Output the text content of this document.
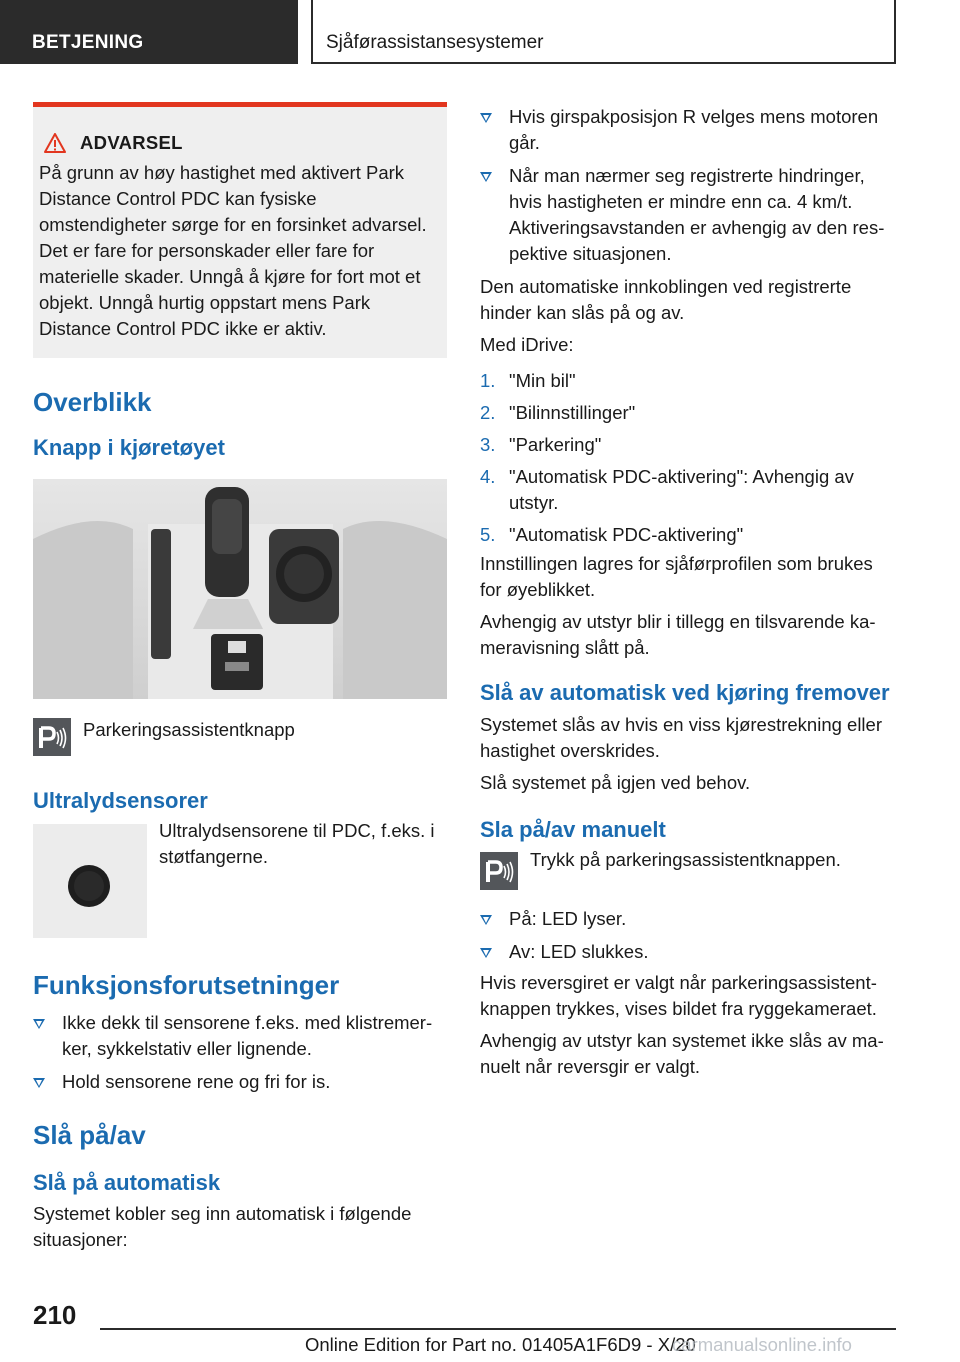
BETJENING	Sjåførassistansesystemer
ADVARSEL

På grunn av høy hastighet med aktivert Park Distance Control PDC kan fysiske omstendigheter sørge for en forsinket advarsel. Det er fare for personskader eller fare for materielle skader. Unngå å kjøre for fort mot et objekt. Unngå hurtig oppstart mens Park Distance Control PDC ikke er aktiv.

Overblikk
Knapp i kjøretøyet

Parkeringsassistentknapp

Ultralydsensorer

Ultralydsensorene til PDC, f.eks. i støtfangerne.

Funksjonsforutsetninger
Ikke dekk til sensorene f.eks. med klistremerker, sykkelstativ eller lignende.
Hold sensorene rene og fri for is.
Slå på/av
Slå på automatisk

Systemet kobler seg inn automatisk i følgende situasjoner:

Hvis girspakposisjon R velges mens motoren går.
Når man nærmer seg registrerte hindringer, hvis hastigheten er mindre enn ca. 4 km/t. Aktiveringsavstanden er avhengig av den respektive situasjonen.

Den automatiske innkoblingen ved registrerte hinder kan slås på og av.

Med iDrive:

1. "Min bil"
2. "Bilinnstillinger"
3. "Parkering"
4. "Automatisk PDC-aktivering": Avhengig av utstyr.
5. "Automatisk PDC-aktivering"

Innstillingen lagres for sjåførprofilen som brukes for øyeblikket.

Avhengig av utstyr blir i tillegg en tilsvarende kameravisning slått på.

Slå av automatisk ved kjøring fremover

Systemet slås av hvis en viss kjørestrekning eller hastighet overskrides.

Slå systemet på igjen ved behov.

Sla på/av manuelt

Trykk på parkeringsassistentknappen.

På: LED lyser.
Av: LED slukkes.

Hvis reversgiret er valgt når parkeringsassistentknappen trykkes, vises bildet fra ryggekameraet.

Avhengig av utstyr kan systemet ikke slås av manuelt når reversgir er valgt.

210
Online Edition for Part no. 01405A1F6D9 - X/20
carmanualsonline.info
